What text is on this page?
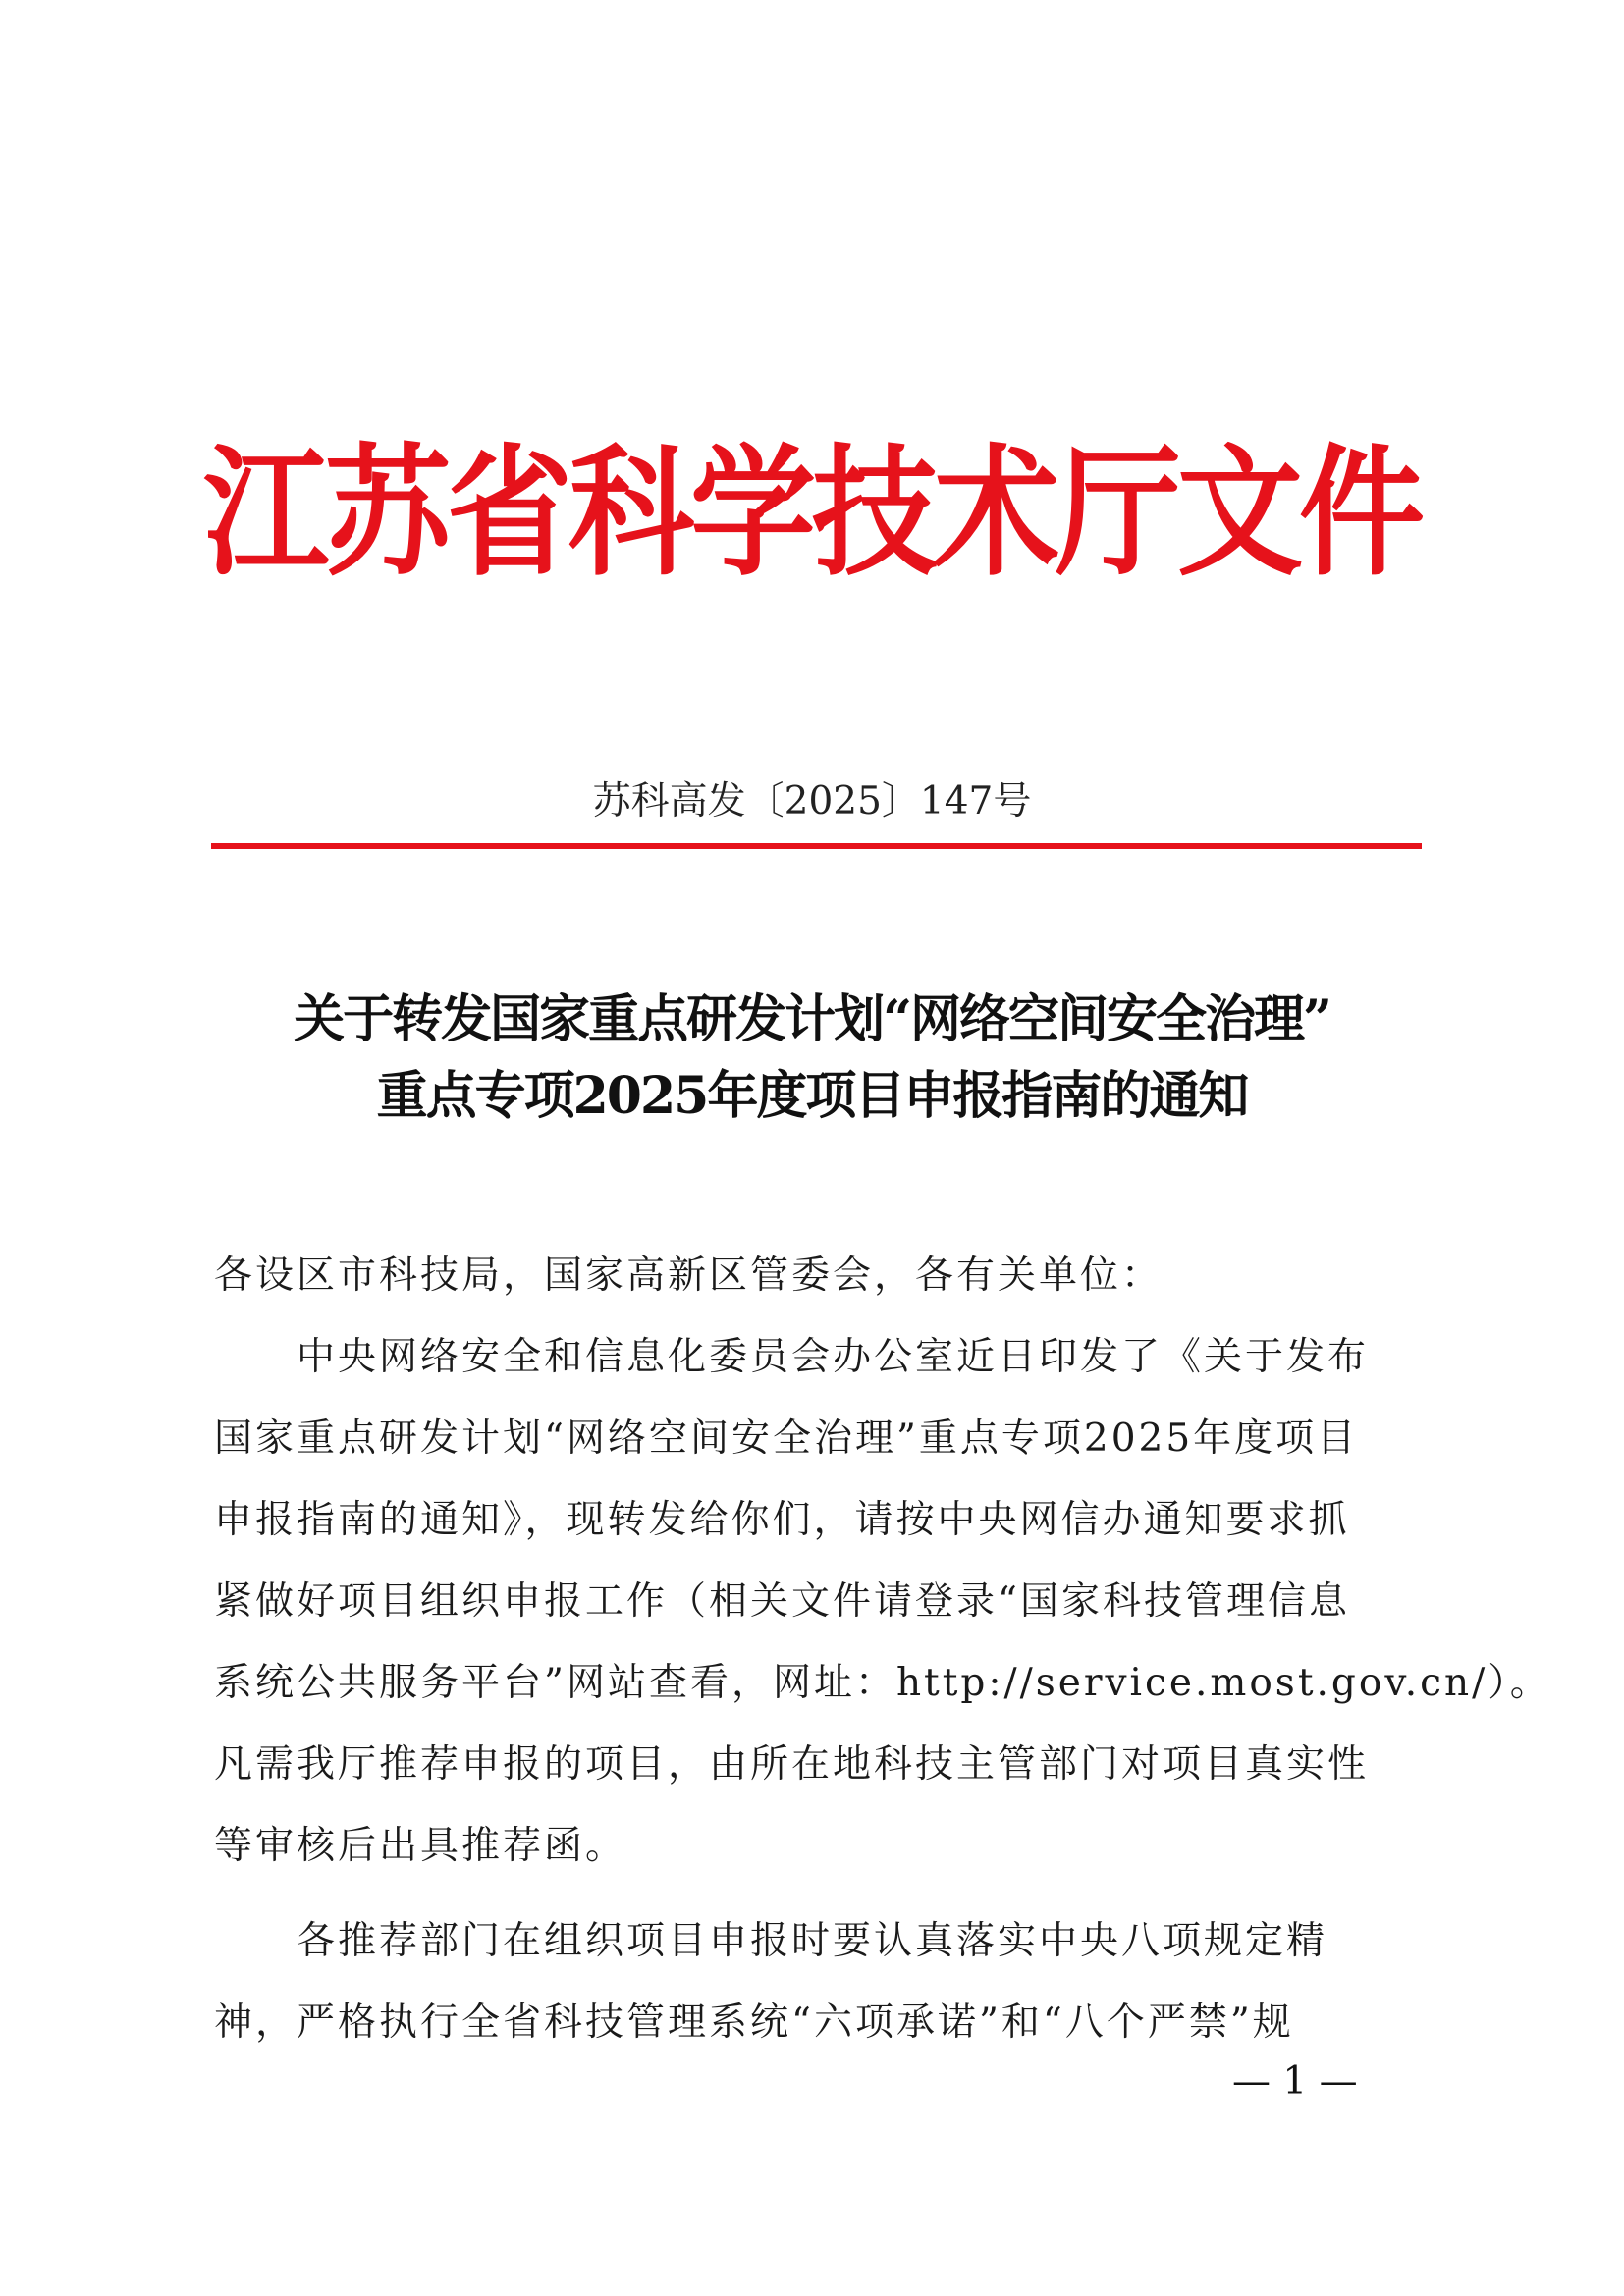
江苏省科学技术厅文件
苏科高发〔2025〕147号
关于转发国家重点研发计划“网络空间安全治理”
重点专项2025年度项目申报指南的通知
各设区市科技局，国家高新区管委会，各有关单位：
　　中央网络安全和信息化委员会办公室近日印发了《关于发布
国家重点研发计划“网络空间安全治理”重点专项2025年度项目
申报指南的通知》，现转发给你们，请按中央网信办通知要求抓
紧做好项目组织申报工作（相关文件请登录“国家科技管理信息
系统公共服务平台”网站查看，网址：http://service.most.gov.cn/）。
凡需我厅推荐申报的项目，由所在地科技主管部门对项目真实性
等审核后出具推荐函。
　　各推荐部门在组织项目申报时要认真落实中央八项规定精
神，严格执行全省科技管理系统“六项承诺”和“八个严禁”规
— 1 —
